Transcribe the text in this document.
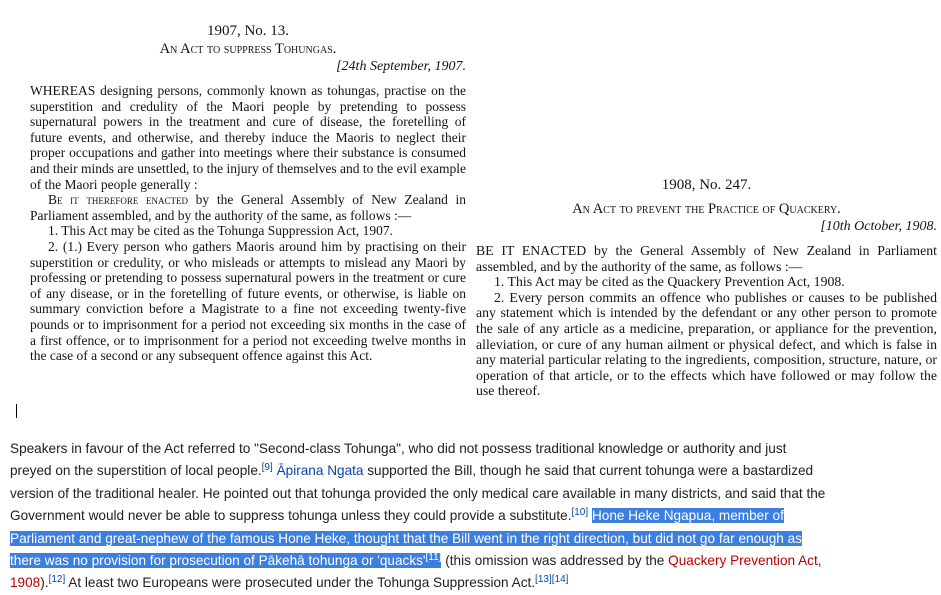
1907, No. 13.
An Act to suppress Tohungas.
[24th September, 1907.
WHEREAS designing persons, commonly known as tohungas, practise on the superstition and credulity of the Maori people by pretending to possess supernatural powers in the treatment and cure of disease, the foretelling of future events, and otherwise, and thereby induce the Maoris to neglect their proper occupations and gather into meetings where their substance is consumed and their minds are unsettled, to the injury of themselves and to the evil example of the Maori people generally :
Be it therefore enacted by the General Assembly of New Zealand in Parliament assembled, and by the authority of the same, as follows :—
1. This Act may be cited as the Tohunga Suppression Act, 1907.
2. (1.) Every person who gathers Maoris around him by practising on their superstition or credulity, or who misleads or attempts to mislead any Maori by professing or pretending to possess supernatural powers in the treatment or cure of any disease, or in the foretelling of future events, or otherwise, is liable on summary conviction before a Magistrate to a fine not exceeding twenty-five pounds or to imprisonment for a period not exceeding six months in the case of a first offence, or to imprisonment for a period not exceeding twelve months in the case of a second or any subsequent offence against this Act.
1908, No. 247.
An Act to prevent the Practice of Quackery.
[10th October, 1908.
BE IT ENACTED by the General Assembly of New Zealand in Parliament assembled, and by the authority of the same, as follows :—
1. This Act may be cited as the Quackery Prevention Act, 1908.
2. Every person commits an offence who publishes or causes to be published any statement which is intended by the defendant or any other person to promote the sale of any article as a medicine, preparation, or appliance for the prevention, alleviation, or cure of any human ailment or physical defect, and which is false in any material particular relating to the ingredients, composition, structure, nature, or operation of that article, or to the effects which have followed or may follow the use thereof.

Speakers in favour of the Act referred to "Second-class Tohunga", who did not possess traditional knowledge or authority and just
preyed on the superstition of local people.[9] Āpirana Ngata supported the Bill, though he said that current tohunga were a bastardized
version of the traditional healer. He pointed out that tohunga provided the only medical care available in many districts, and said that the
Government would never be able to suppress tohunga unless they could provide a substitute.[10] Hone Heke Ngapua, member of
Parliament and great-nephew of the famous Hone Heke, thought that the Bill went in the right direction, but did not go far enough as
there was no provision for prosecution of Pākehā tohunga or 'quacks'[11] (this omission was addressed by the Quackery Prevention Act,
1908).[12] At least two Europeans were prosecuted under the Tohunga Suppression Act.[13][14]
